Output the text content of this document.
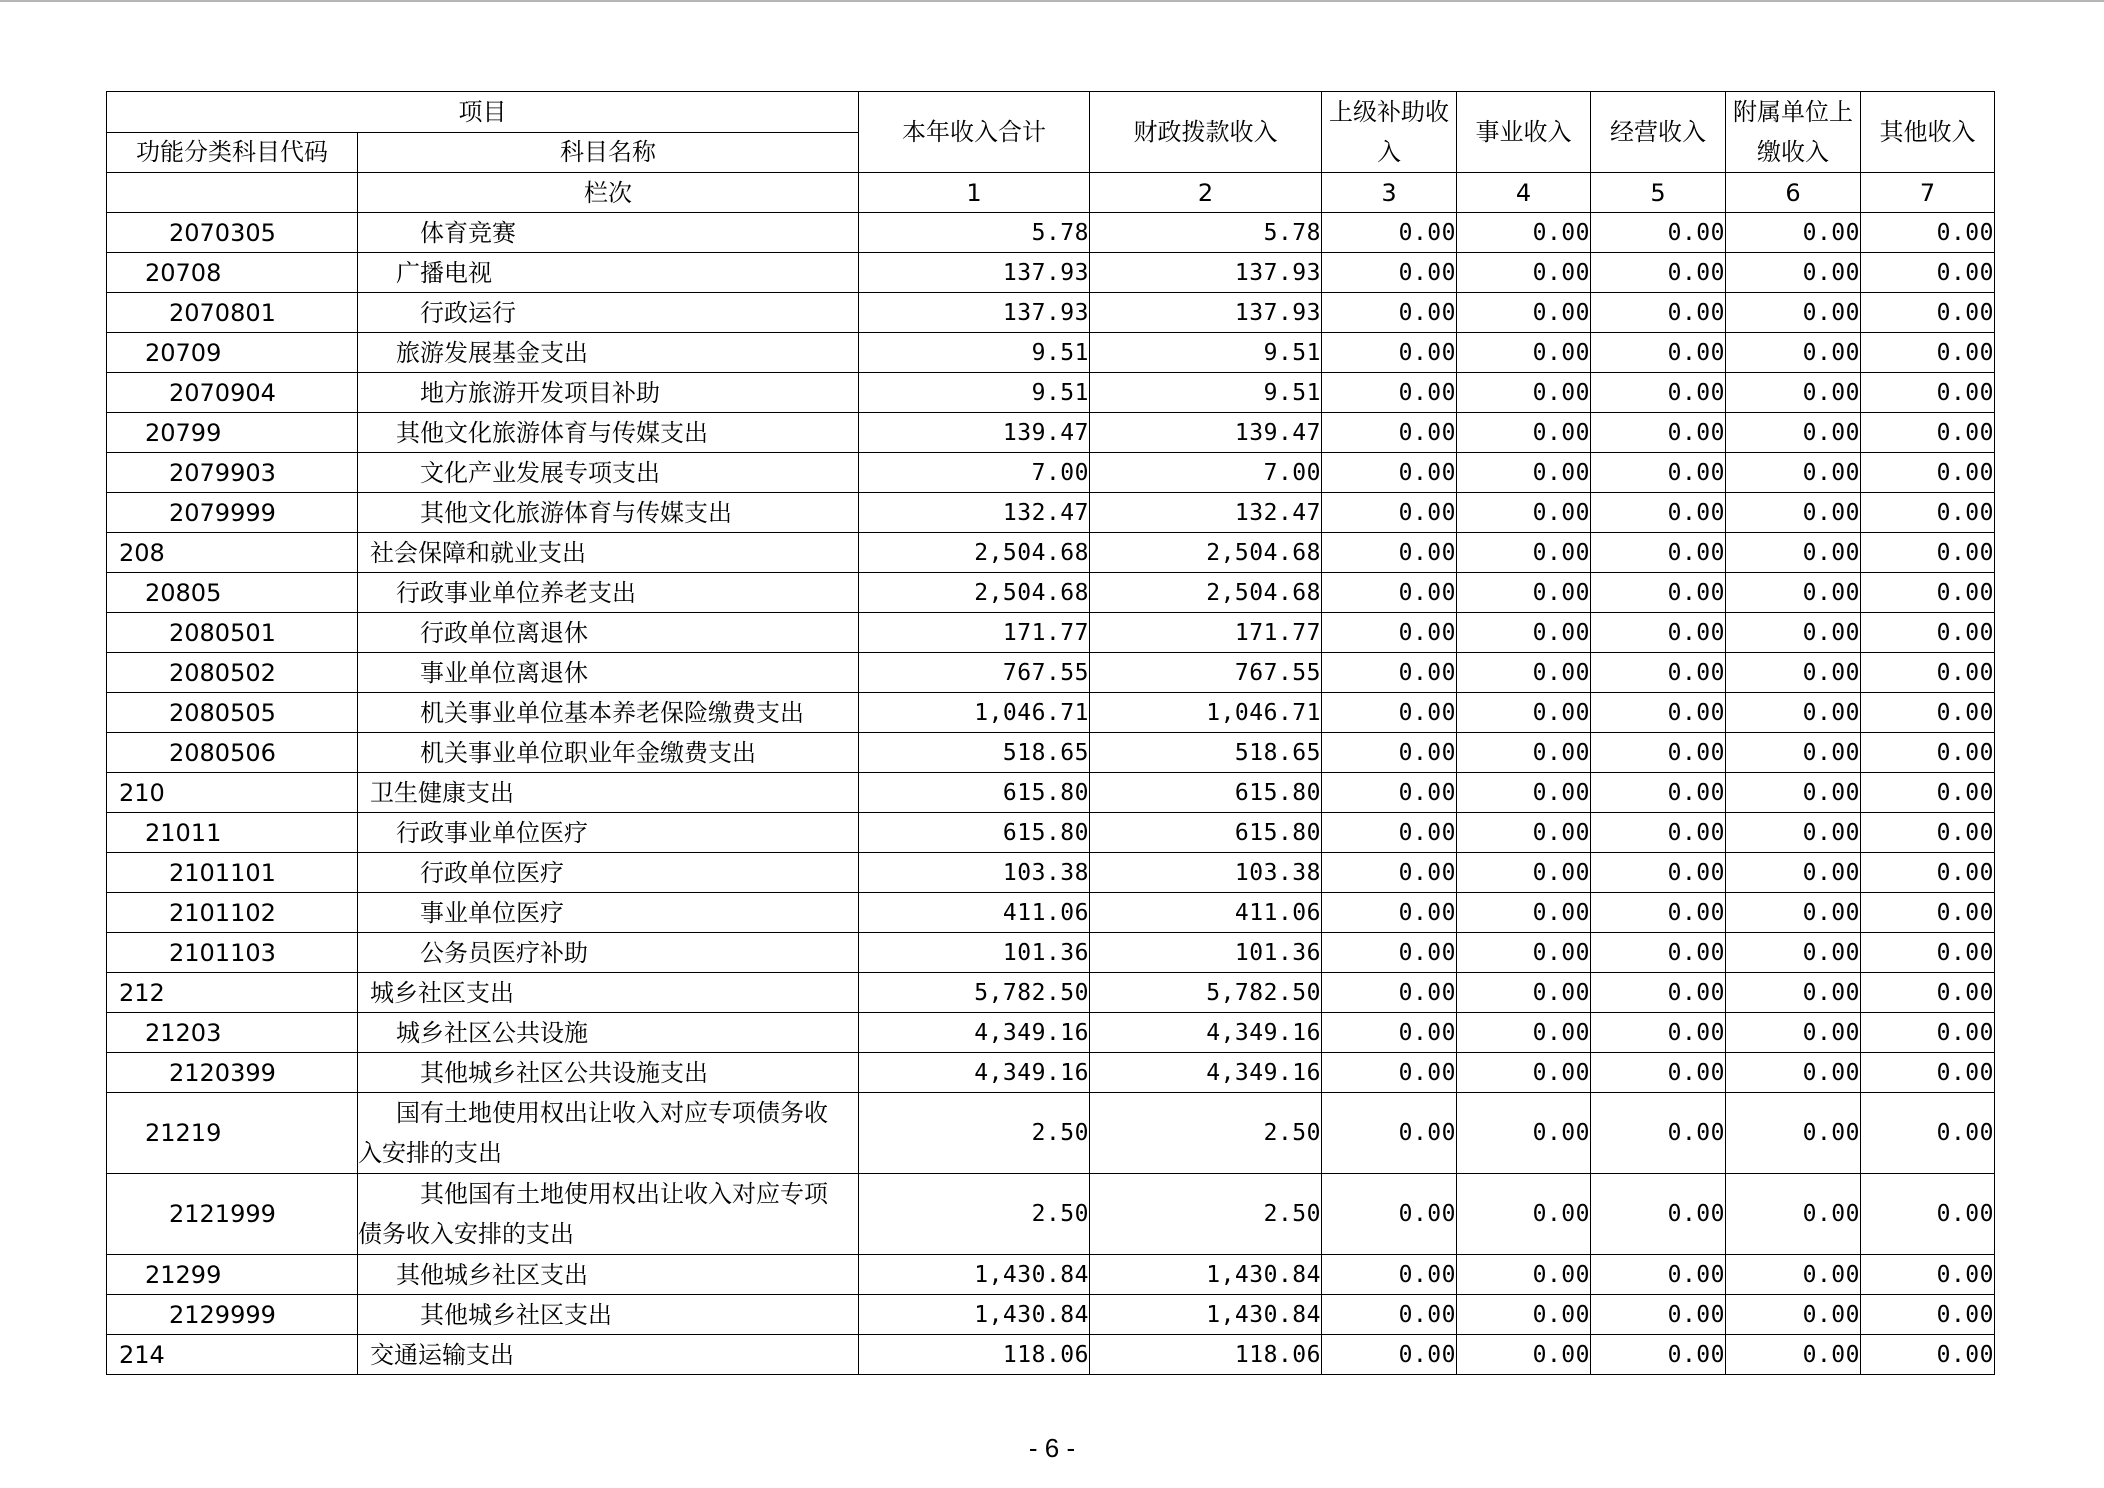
项目		本年收入合计	财政拨款收入	上级补助收入	事业收入	经营收入	附属单位上缴收入	其他收入
功能分类科目代码	科目名称							
	栏次	1	2	3	4	5	6	7
2070305	体育竞赛	5.78	5.78	0.00	0.00	0.00	0.00	0.00
20708	广播电视	137.93	137.93	0.00	0.00	0.00	0.00	0.00
2070801	行政运行	137.93	137.93	0.00	0.00	0.00	0.00	0.00
20709	旅游发展基金支出	9.51	9.51	0.00	0.00	0.00	0.00	0.00
2070904	地方旅游开发项目补助	9.51	9.51	0.00	0.00	0.00	0.00	0.00
20799	其他文化旅游体育与传媒支出	139.47	139.47	0.00	0.00	0.00	0.00	0.00
2079903	文化产业发展专项支出	7.00	7.00	0.00	0.00	0.00	0.00	0.00
2079999	其他文化旅游体育与传媒支出	132.47	132.47	0.00	0.00	0.00	0.00	0.00
208	社会保障和就业支出	2,504.68	2,504.68	0.00	0.00	0.00	0.00	0.00
20805	行政事业单位养老支出	2,504.68	2,504.68	0.00	0.00	0.00	0.00	0.00
2080501	行政单位离退休	171.77	171.77	0.00	0.00	0.00	0.00	0.00
2080502	事业单位离退休	767.55	767.55	0.00	0.00	0.00	0.00	0.00
2080505	机关事业单位基本养老保险缴费支出	1,046.71	1,046.71	0.00	0.00	0.00	0.00	0.00
2080506	机关事业单位职业年金缴费支出	518.65	518.65	0.00	0.00	0.00	0.00	0.00
210	卫生健康支出	615.80	615.80	0.00	0.00	0.00	0.00	0.00
21011	行政事业单位医疗	615.80	615.80	0.00	0.00	0.00	0.00	0.00
2101101	行政单位医疗	103.38	103.38	0.00	0.00	0.00	0.00	0.00
2101102	事业单位医疗	411.06	411.06	0.00	0.00	0.00	0.00	0.00
2101103	公务员医疗补助	101.36	101.36	0.00	0.00	0.00	0.00	0.00
212	城乡社区支出	5,782.50	5,782.50	0.00	0.00	0.00	0.00	0.00
21203	城乡社区公共设施	4,349.16	4,349.16	0.00	0.00	0.00	0.00	0.00
2120399	其他城乡社区公共设施支出	4,349.16	4,349.16	0.00	0.00	0.00	0.00	0.00
21219	国有土地使用权出让收入对应专项债务收
入安排的支出	2.50	2.50	0.00	0.00	0.00	0.00	0.00
2121999	其他国有土地使用权出让收入对应专项
债务收入安排的支出	2.50	2.50	0.00	0.00	0.00	0.00	0.00
21299	其他城乡社区支出	1,430.84	1,430.84	0.00	0.00	0.00	0.00	0.00
2129999	其他城乡社区支出	1,430.84	1,430.84	0.00	0.00	0.00	0.00	0.00
214	交通运输支出	118.06	118.06	0.00	0.00	0.00	0.00	0.00
- 6 -
